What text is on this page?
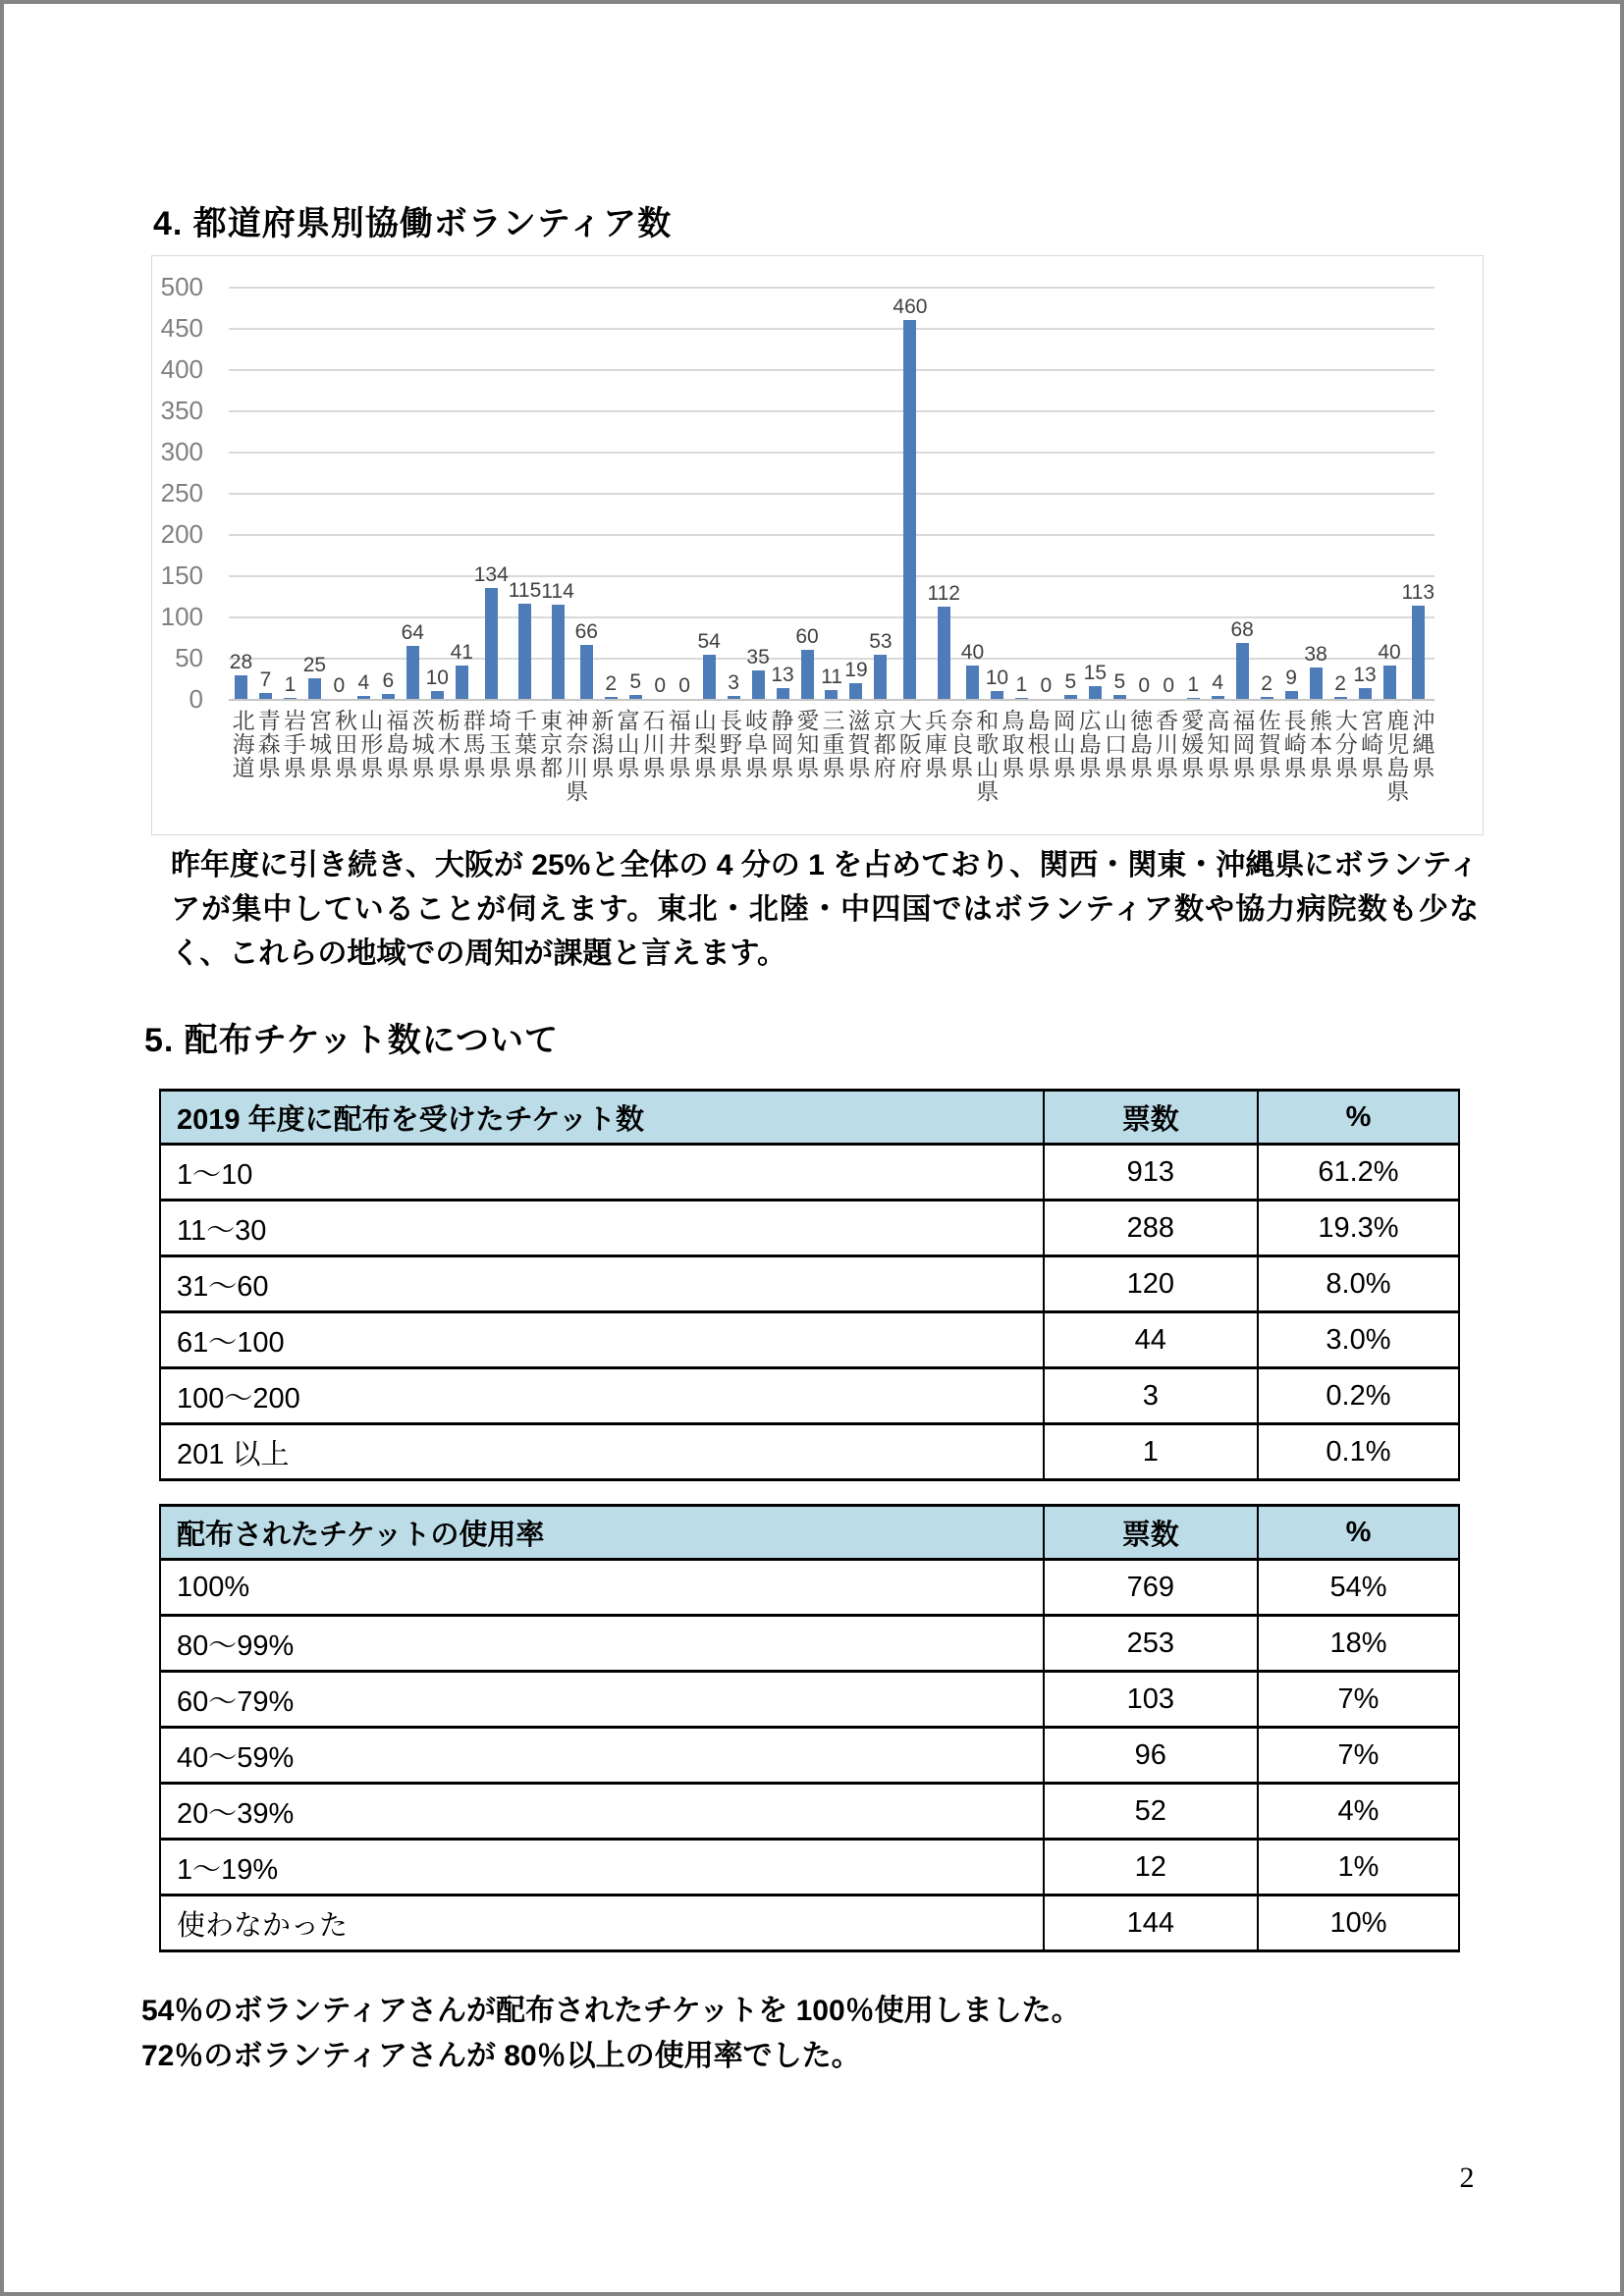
4. 都道府県別協働ボランティア数
0
50
100
150
200
250
300
350
400
450
500
28
7 1
25
0 4 6
64
10
41
134
115 114
66
2 5 0 0
54
3
35
13
60
11 19
53
460
112
40
10 1 0 5 15 5 0 0 1 4
68
2 9
38
2 13
40
113
北海道 青森県 岩手県 宮城県 秋田県 山形県 福島県 茨城県 栃木県 群馬県 埼玉県 千葉県 東京都 神奈川県 新潟県 富山県 石川県 福井県 山梨県 長野県 岐阜県 静岡県 愛知県 三重県 滋賀県 京都府 大阪府 兵庫県 奈良県 和歌山県 鳥取県 島根県 岡山県 広島県 山口県 徳島県 香川県 愛媛県 高知県 福岡県 佐賀県 長崎県 熊本県 大分県 宮崎県 鹿児島県 沖縄県
昨年度に引き続き、大阪が 25%と全体の 4 分の 1 を占めており、関西・関東・沖縄県にボランティアが集中していることが伺えます。東北・北陸・中四国ではボランティア数や協力病院数も少なく、これらの地域での周知が課題と言えます。
5. 配布チケット数について
2019 年度に配布を受けたチケット数	票数	%
1〜10	913	61.2%
11〜30	288	19.3%
31〜60	120	8.0%
61〜100	44	3.0%
100〜200	3	0.2%
201 以上	1	0.1%
配布されたチケットの使用率	票数	%
100%	769	54%
80〜99%	253	18%
60〜79%	103	7%
40〜59%	96	7%
20〜39%	52	4%
1〜19%	12	1%
使わなかった	144	10%

54％のボランティアさんが配布されたチケットを 100％使用しました。

72％のボランティアさんが 80％以上の使用率でした。

2
